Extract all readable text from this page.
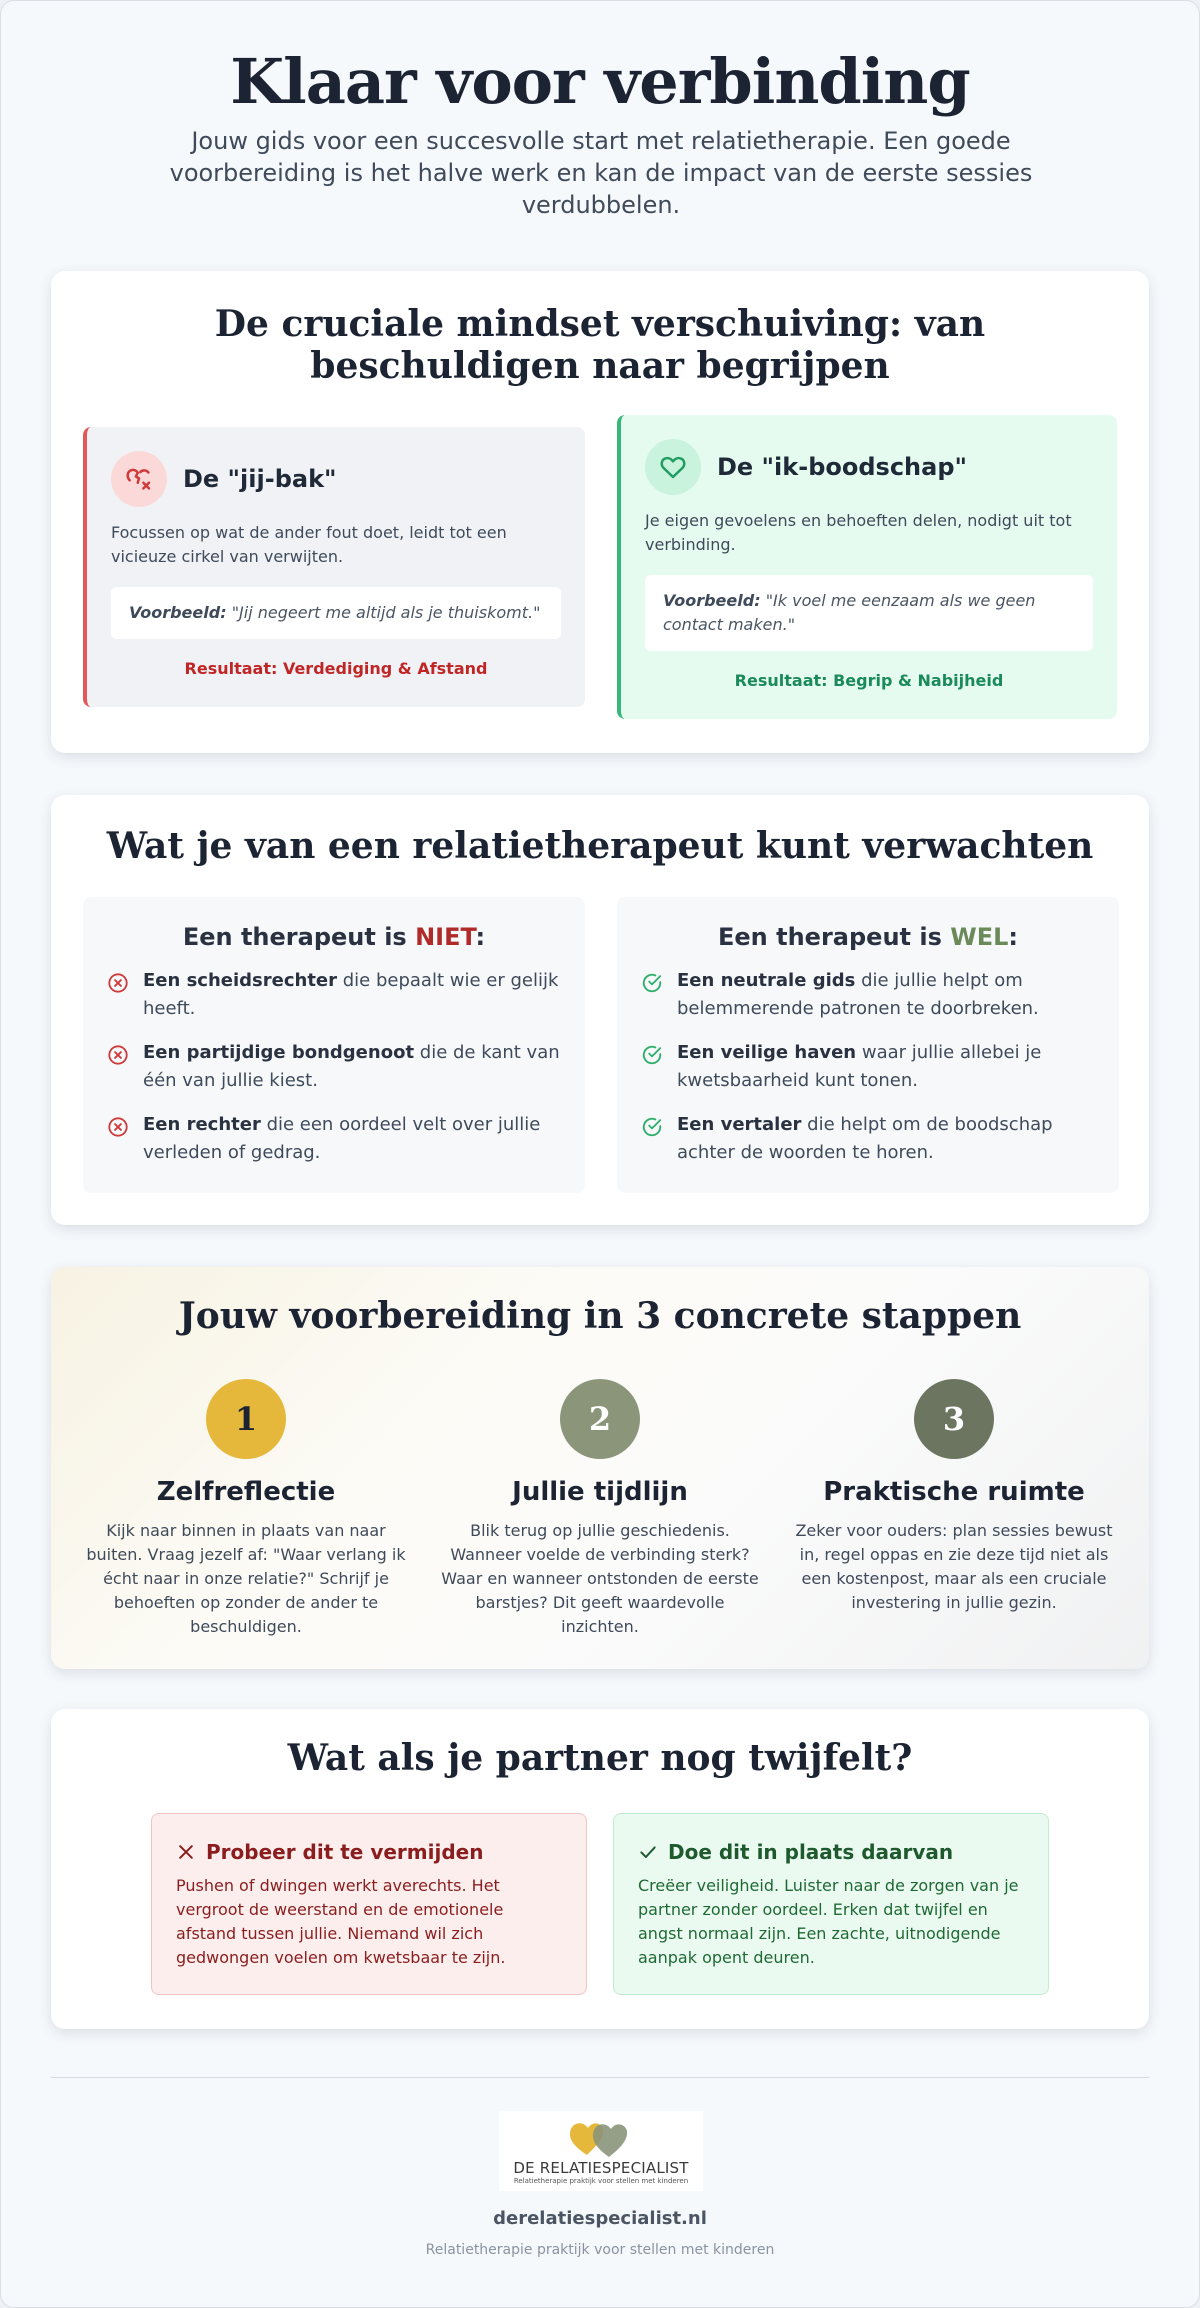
Klaar voor verbinding

Jouw gids voor een succesvolle start met relatietherapie. Een goede voorbereiding is het halve werk en kan de impact van de eerste sessies verdubbelen.

De cruciale mindset verschuiving: van beschuldigen naar begrijpen
De "jij-bak"

Focussen op wat de ander fout doet, leidt tot een vicieuze cirkel van verwijten.

Voorbeeld: "Jij negeert me altijd als je thuiskomt."
Resultaat: Verdediging & Afstand
De "ik-boodschap"

Je eigen gevoelens en behoeften delen, nodigt uit tot verbinding.

Voorbeeld: "Ik voel me eenzaam als we geen contact maken."
Resultaat: Begrip & Nabijheid
Wat je van een relatietherapeut kunt verwachten
Een therapeut is NIET:
Een scheidsrechter die bepaalt wie er gelijk heeft.
Een partijdige bondgenoot die de kant van één van jullie kiest.
Een rechter die een oordeel velt over jullie verleden of gedrag.
Een therapeut is WEL:
Een neutrale gids die jullie helpt om belemmerende patronen te doorbreken.
Een veilige haven waar jullie allebei je kwetsbaarheid kunt tonen.
Een vertaler die helpt om de boodschap achter de woorden te horen.
Jouw voorbereiding in 3 concrete stappen
1
Zelfreflectie

Kijk naar binnen in plaats van naar buiten. Vraag jezelf af: "Waar verlang ik écht naar in onze relatie?" Schrijf je behoeften op zonder de ander te beschuldigen.

2
Jullie tijdlijn

Blik terug op jullie geschiedenis. Wanneer voelde de verbinding sterk? Waar en wanneer ontstonden de eerste barstjes? Dit geeft waardevolle inzichten.

3
Praktische ruimte

Zeker voor ouders: plan sessies bewust in, regel oppas en zie deze tijd niet als een kostenpost, maar als een cruciale investering in jullie gezin.

Wat als je partner nog twijfelt?
Probeer dit te vermijden

Pushen of dwingen werkt averechts. Het vergroot de weerstand en de emotionele afstand tussen jullie. Niemand wil zich gedwongen voelen om kwetsbaar te zijn.

Doe dit in plaats daarvan

Creëer veiligheid. Luister naar de zorgen van je partner zonder oordeel. Erken dat twijfel en angst normaal zijn. Een zachte, uitnodigende aanpak opent deuren.

DE RELATIESPECIALIST
Relatietherapie praktijk voor stellen met kinderen
derelatiespecialist.nl
Relatietherapie praktijk voor stellen met kinderen
